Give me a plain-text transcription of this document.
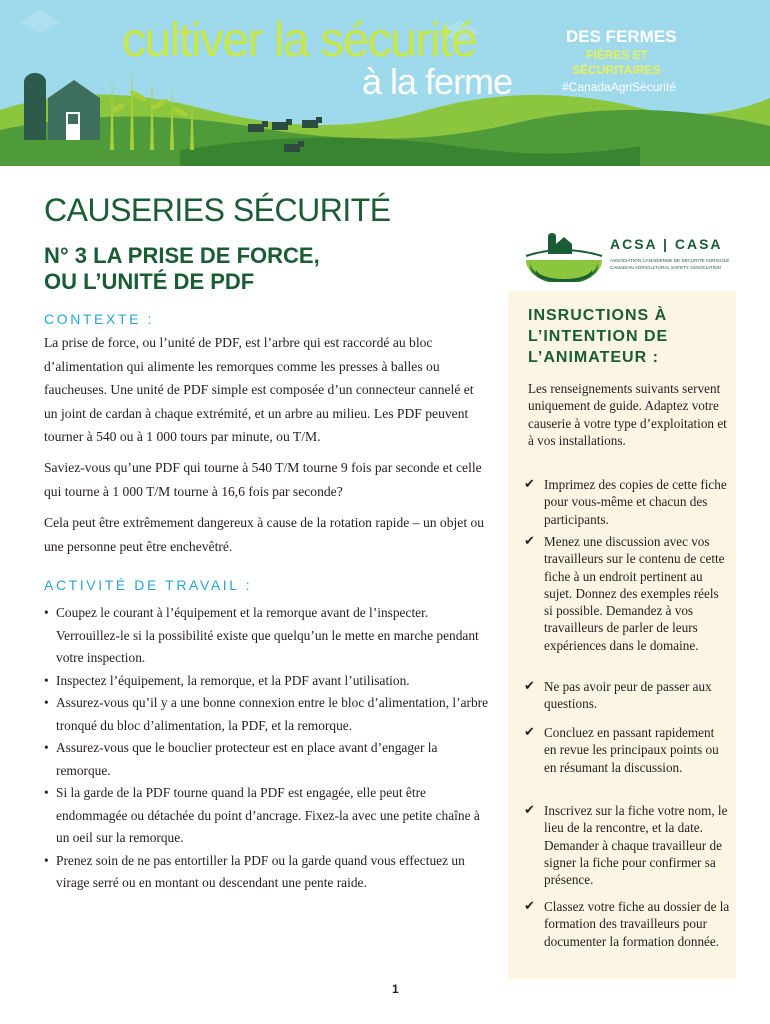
cultiver la sécurité
à la ferme
DES FERMES
FIÈRES ET
SÉCURITAIRES
#CanadaAgriSécurité
CAUSERIES SÉCURITÉ
N° 3 LA PRISE DE FORCE,
OU L’UNITÉ DE PDF
ACSA | CASA
ASSOCIATION CANADIENNE DE SÉCURITÉ AGRICOLE
CANADIAN AGRICULTURAL SAFETY ASSOCIATION
CONTEXTE :
La prise de force, ou l’unité de PDF, est l’arbre qui est raccordé au bloc d’alimentation qui alimente les remorques comme les presses à balles ou faucheuses. Une unité de PDF simple est composée d’un connecteur cannelé et un joint de cardan à chaque extrémité, et un arbre au milieu. Les PDF peuvent tourner à 540 ou à 1 000 tours par minute, ou T/M.
Saviez-vous qu’une PDF qui tourne à 540 T/M tourne 9 fois par seconde et celle qui tourne à 1 000 T/M tourne à 16,6 fois par seconde?
Cela peut être extrêmement dangereux à cause de la rotation rapide – un objet ou une personne peut être enchevêtré.
ACTIVITÉ DE TRAVAIL :
• Coupez le courant à l’équipement et la remorque avant de l’inspecter. Verrouillez-le si la possibilité existe que quelqu’un le mette en marche pendant votre inspection.
• Inspectez l’équipement, la remorque, et la PDF avant l’utilisation.
• Assurez-vous qu’il y a une bonne connexion entre le bloc d’alimentation, l’arbre tronqué du bloc d’alimentation, la PDF, et la remorque.
• Assurez-vous que le bouclier protecteur est en place avant d’engager la remorque.
• Si la garde de la PDF tourne quand la PDF est engagée, elle peut être endommagée ou détachée du point d’ancrage. Fixez-la avec une petite chaîne à un oeil sur la remorque.
• Prenez soin de ne pas entortiller la PDF ou la garde quand vous effectuez un virage serré ou en montant ou descendant une pente raide.
INSRUCTIONS À L’INTENTION DE L’ANIMATEUR :
Les renseignements suivants servent uniquement de guide. Adaptez votre causerie à votre type d’exploitation et à vos installations.
✔ Imprimez des copies de cette fiche pour vous-même et chacun des participants.
✔ Menez une discussion avec vos travailleurs sur le contenu de cette fiche à un endroit pertinent au sujet. Donnez des exemples réels si possible. Demandez à vos travailleurs de parler de leurs expériences dans le domaine.
✔ Ne pas avoir peur de passer aux questions.
✔ Concluez en passant rapidement en revue les principaux points ou en résumant la discussion.
✔ Inscrivez sur la fiche votre nom, le lieu de la rencontre, et la date. Demander à chaque travailleur de signer la fiche pour confirmer sa présence.
✔ Classez votre fiche au dossier de la formation des travailleurs pour documenter la formation donnée.
1
